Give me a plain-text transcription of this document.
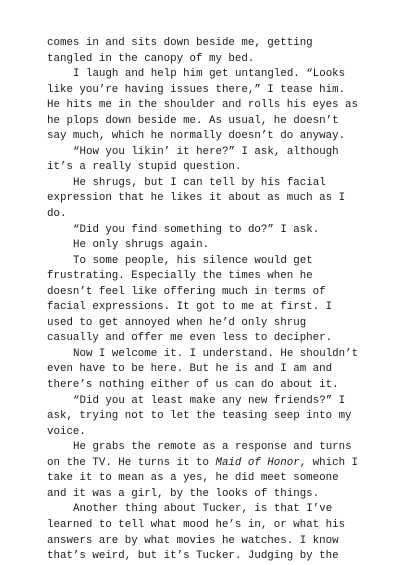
comes in and sits down beside me, getting
tangled in the canopy of my bed.
I laugh and help him get untangled. “Looks
like you’re having issues there,” I tease him.
He hits me in the shoulder and rolls his eyes as
he plops down beside me. As usual, he doesn’t
say much, which he normally doesn’t do anyway.
“How you likin’ it here?” I ask, although
it’s a really stupid question.
He shrugs, but I can tell by his facial
expression that he likes it about as much as I
do.
“Did you find something to do?” I ask.
He only shrugs again.
To some people, his silence would get
frustrating. Especially the times when he
doesn’t feel like offering much in terms of
facial expressions. It got to me at first. I
used to get annoyed when he’d only shrug
casually and offer me even less to decipher.
Now I welcome it. I understand. He shouldn’t
even have to be here. But he is and I am and
there’s nothing either of us can do about it.
“Did you at least make any new friends?” I
ask, trying not to let the teasing seep into my
voice.
He grabs the remote as a response and turns
on the TV. He turns it to Maid of Honor, which I
take it to mean as a yes, he did meet someone
and it was a girl, by the looks of things.
Another thing about Tucker, is that I’ve
learned to tell what mood he’s in, or what his
answers are by what movies he watches. I know
that’s weird, but it’s Tucker. Judging by the
